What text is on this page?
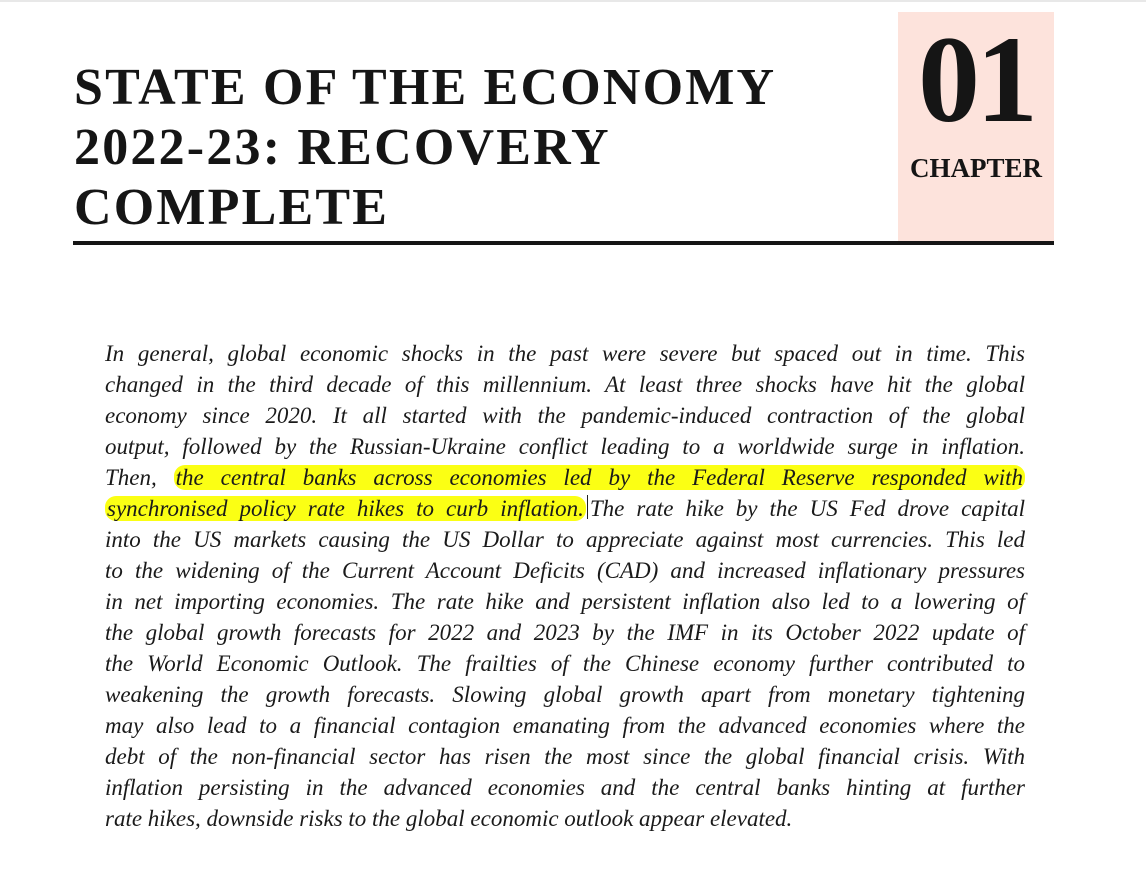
STATE OF THE ECONOMY
2022-23: RECOVERY
COMPLETE
01
CHAPTER
In general, global economic shocks in the past were severe but spaced out in time. This
changed in the third decade of this millennium. At least three shocks have hit the global
economy since 2020. It all started with the pandemic-induced contraction of the global
output, followed by the Russian-Ukraine conflict leading to a worldwide surge in inflation.
Then, the central banks across economies led by the Federal Reserve responded with
synchronised policy rate hikes to curb inflation. The rate hike by the US Fed drove capital
into the US markets causing the US Dollar to appreciate against most currencies. This led
to the widening of the Current Account Deficits (CAD) and increased inflationary pressures
in net importing economies. The rate hike and persistent inflation also led to a lowering of
the global growth forecasts for 2022 and 2023 by the IMF in its October 2022 update of
the World Economic Outlook. The frailties of the Chinese economy further contributed to
weakening the growth forecasts. Slowing global growth apart from monetary tightening
may also lead to a financial contagion emanating from the advanced economies where the
debt of the non-financial sector has risen the most since the global financial crisis. With
inflation persisting in the advanced economies and the central banks hinting at further
rate hikes, downside risks to the global economic outlook appear elevated.
